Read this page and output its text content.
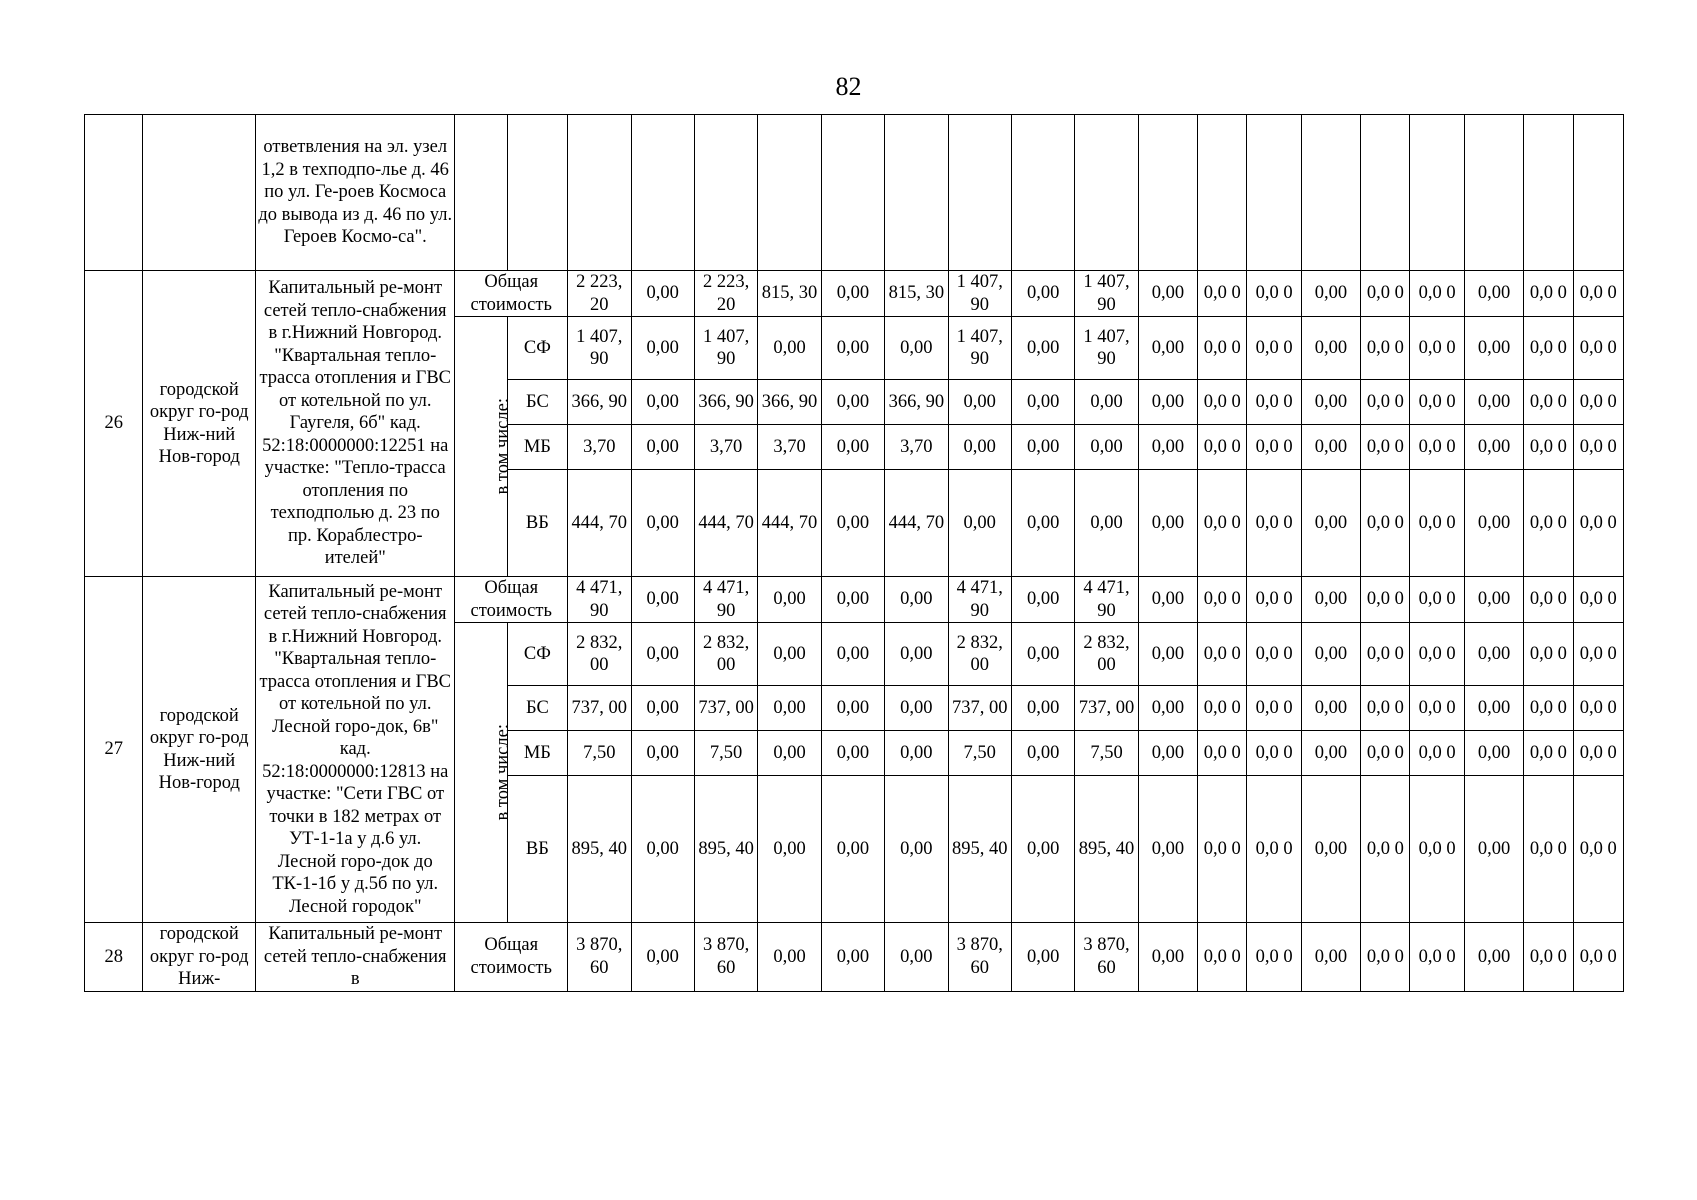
82
		ответвления на эл. узел 1,2 в техподпо-лье д. 46 по ул. Ге-роев Космоса до вывода из д. 46 по ул. Героев Космо-са".																				
26	городской округ го-род Ниж-ний Нов-город	Капитальный ре-монт сетей тепло-снабжения в г.Нижний Новгород. "Квартальная тепло-трасса отопления и ГВС от котельной по ул. Гаугеля, 6б" кад. 52:18:0000000:12251 на участке: "Тепло-трасса отопления по техподполью д. 23 по пр. Кораблестро-ителей"	Общая стоимость		2 223, 20	0,00	2 223, 20	815, 30	0,00	815, 30	1 407, 90	0,00	1 407, 90	0,00	0,0 0	0,0 0	0,00	0,0 0	0,0 0	0,00	0,0 0	0,0 0
			в том числе:	СФ	1 407, 90	0,00	1 407, 90	0,00	0,00	0,00	1 407, 90	0,00	1 407, 90	0,00	0,0 0	0,0 0	0,00	0,0 0	0,0 0	0,00	0,0 0	0,0 0
				БС	366, 90	0,00	366, 90	366, 90	0,00	366, 90	0,00	0,00	0,00	0,00	0,0 0	0,0 0	0,00	0,0 0	0,0 0	0,00	0,0 0	0,0 0
				МБ	3,70	0,00	3,70	3,70	0,00	3,70	0,00	0,00	0,00	0,00	0,0 0	0,0 0	0,00	0,0 0	0,0 0	0,00	0,0 0	0,0 0
				ВБ	444, 70	0,00	444, 70	444, 70	0,00	444, 70	0,00	0,00	0,00	0,00	0,0 0	0,0 0	0,00	0,0 0	0,0 0	0,00	0,0 0	0,0 0
27	городской округ го-род Ниж-ний Нов-город	Капитальный ре-монт сетей тепло-снабжения в г.Нижний Новгород. "Квартальная тепло-трасса отопления и ГВС от котельной по ул. Лесной горо-док, 6в" кад. 52:18:0000000:12813 на участке: "Сети ГВС от точки в 182 метрах от УТ-1-1а у д.6 ул. Лесной горо-док до ТК-1-1б у д.5б по ул. Лесной городок"	Общая стоимость		4 471, 90	0,00	4 471, 90	0,00	0,00	0,00	4 471, 90	0,00	4 471, 90	0,00	0,0 0	0,0 0	0,00	0,0 0	0,0 0	0,00	0,0 0	0,0 0
			в том числе:	СФ	2 832, 00	0,00	2 832, 00	0,00	0,00	0,00	2 832, 00	0,00	2 832, 00	0,00	0,0 0	0,0 0	0,00	0,0 0	0,0 0	0,00	0,0 0	0,0 0
				БС	737, 00	0,00	737, 00	0,00	0,00	0,00	737, 00	0,00	737, 00	0,00	0,0 0	0,0 0	0,00	0,0 0	0,0 0	0,00	0,0 0	0,0 0
				МБ	7,50	0,00	7,50	0,00	0,00	0,00	7,50	0,00	7,50	0,00	0,0 0	0,0 0	0,00	0,0 0	0,0 0	0,00	0,0 0	0,0 0
				ВБ	895, 40	0,00	895, 40	0,00	0,00	0,00	895, 40	0,00	895, 40	0,00	0,0 0	0,0 0	0,00	0,0 0	0,0 0	0,00	0,0 0	0,0 0
28	городской округ го-род Ниж-	Капитальный ре-монт сетей тепло-снабжения в	Общая стоимость		3 870, 60	0,00	3 870, 60	0,00	0,00	0,00	3 870, 60	0,00	3 870, 60	0,00	0,0 0	0,0 0	0,00	0,0 0	0,0 0	0,00	0,0 0	0,0 0
